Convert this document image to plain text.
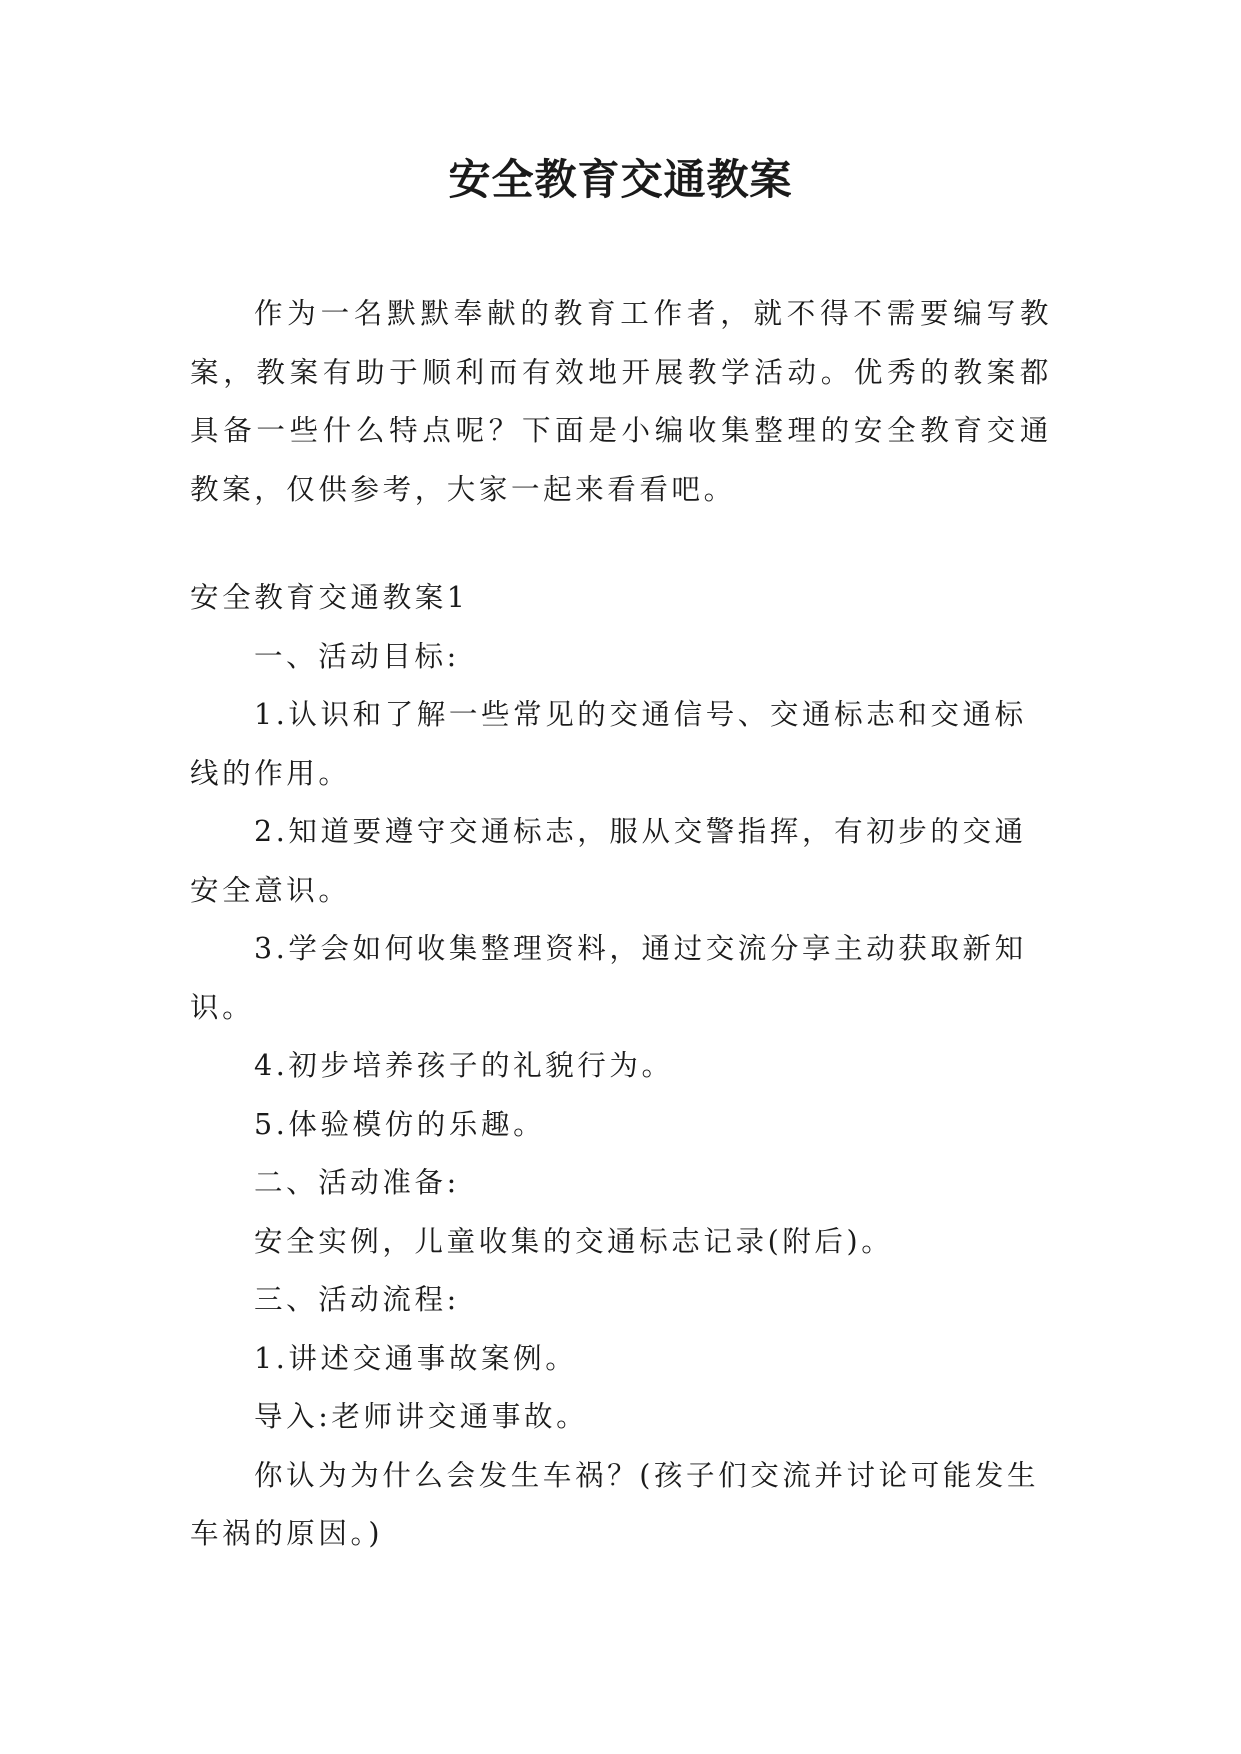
安全教育交通教案

作为一名默默奉献的教育工作者，就不得不需要编写教案，教案有助于顺利而有效地开展教学活动。优秀的教案都具备一些什么特点呢？下面是小编收集整理的安全教育交通教案，仅供参考，大家一起来看看吧。

安全教育交通教案1

一、活动目标:

1.认识和了解一些常见的交通信号、交通标志和交通标线的作用。

2.知道要遵守交通标志，服从交警指挥，有初步的交通安全意识。

3.学会如何收集整理资料，通过交流分享主动获取新知识。

4.初步培养孩子的礼貌行为。

5.体验模仿的乐趣。

二、活动准备:

安全实例，儿童收集的交通标志记录(附后)。

三、活动流程:

1.讲述交通事故案例。

导入:老师讲交通事故。

你认为为什么会发生车祸？(孩子们交流并讨论可能发生车祸的原因。)
